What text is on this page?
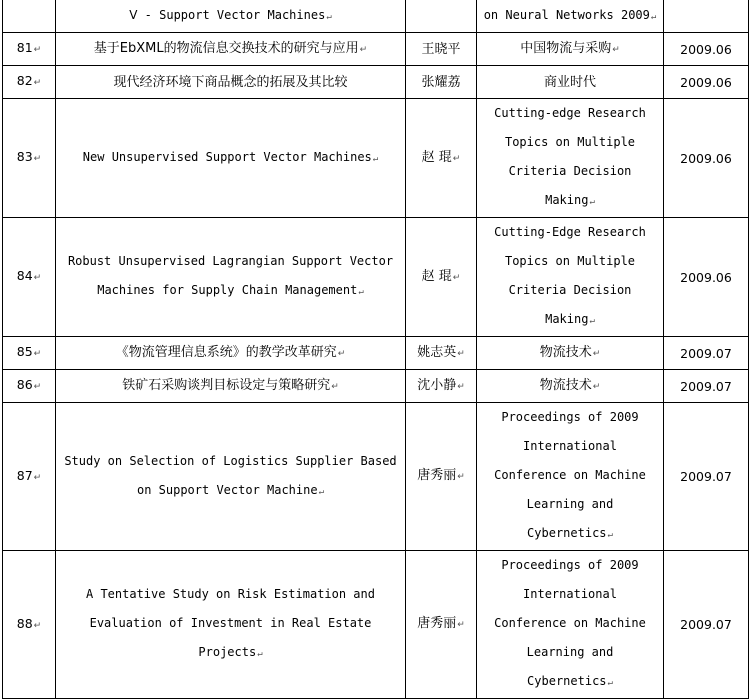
	Ⅴ - Support Vector Machines ↵		on Neural Networks 2009 ↵	
81 ↵	基于EbXML的物流信息交换技术的研究与应用↵	王晓平	中国物流与采购↵	2009.06
82 ↵	现代经济环境下商品概念的拓展及其比较	张耀荔	商业时代	2009.06
83 ↵	New Unsupervised Support Vector Machines↵	赵 琨↵	Cutting-edge Research Topics on Multiple Criteria Decision Making↵	2009.06
84 ↵	Robust Unsupervised Lagrangian Support Vector Machines for Supply Chain Management↵	赵 琨↵	Cutting-Edge Research Topics on Multiple Criteria Decision Making↵	2009.06
85 ↵	《物流管理信息系统》的教学改革研究↵	姚志英↵	物流技术↵	2009.07
86 ↵	铁矿石采购谈判目标设定与策略研究↵	沈小静↵	物流技术↵	2009.07
87 ↵	Study on Selection of Logistics Supplier Based on Support Vector Machine↵	唐秀丽↵	Proceedings of 2009 International Conference on Machine Learning and Cybernetics↵	2009.07
88 ↵	A Tentative Study on Risk Estimation and Evaluation of Investment in Real Estate Projects↵	唐秀丽↵	Proceedings of 2009 International Conference on Machine Learning and Cybernetics↵	2009.07
